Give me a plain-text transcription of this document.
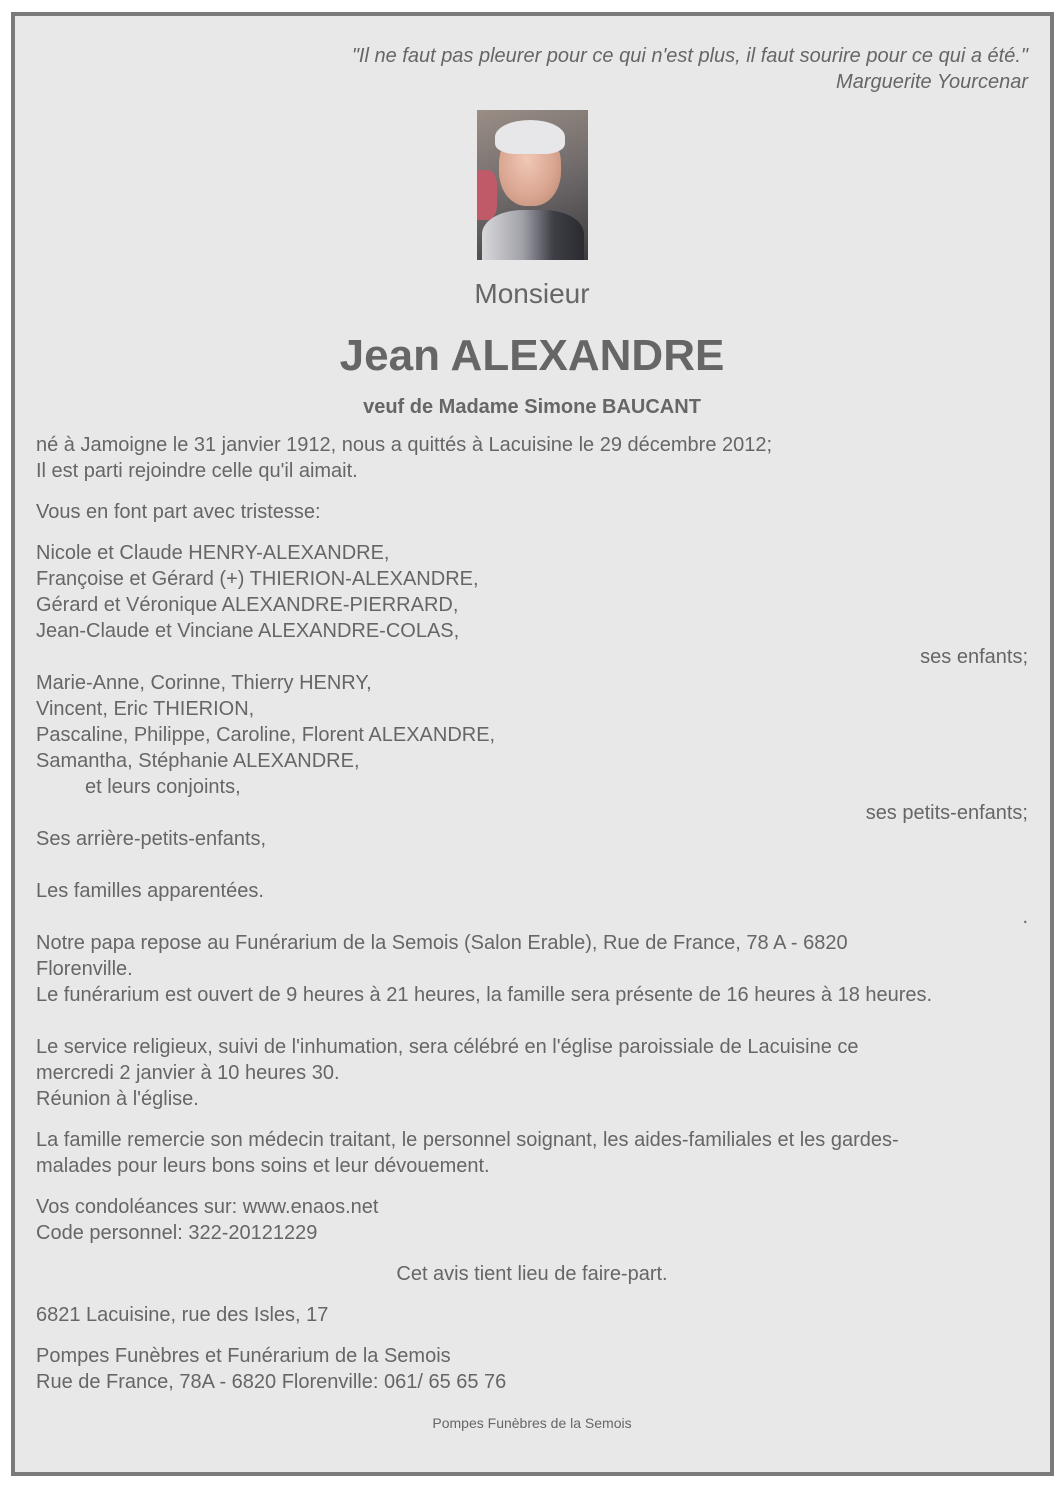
"Il ne faut pas pleurer pour ce qui n'est plus, il faut sourire pour ce qui a été."
Marguerite Yourcenar
Monsieur
Jean ALEXANDRE
veuf de Madame Simone BAUCANT
né à Jamoigne le 31 janvier 1912, nous a quittés à Lacuisine le 29 décembre 2012;
Il est parti rejoindre celle qu'il aimait.
Vous en font part avec tristesse:
Nicole et Claude HENRY-ALEXANDRE,
Françoise et Gérard (+) THIERION-ALEXANDRE,
Gérard et Véronique ALEXANDRE-PIERRARD,
Jean-Claude et Vinciane ALEXANDRE-COLAS,
ses enfants;
Marie-Anne, Corinne, Thierry HENRY,
Vincent, Eric THIERION,
Pascaline, Philippe, Caroline, Florent ALEXANDRE,
Samantha, Stéphanie ALEXANDRE,
et leurs conjoints,
ses petits-enfants;
Ses arrière-petits-enfants,
Les familles apparentées.
.
Notre papa repose au Funérarium de la Semois (Salon Erable), Rue de France, 78 A - 6820
Florenville.
Le funérarium est ouvert de 9 heures à 21 heures, la famille sera présente de 16 heures à 18 heures.
Le service religieux, suivi de l'inhumation, sera célébré en l'église paroissiale de Lacuisine ce
mercredi 2 janvier à 10 heures 30.
Réunion à l'église.
La famille remercie son médecin traitant, le personnel soignant, les aides-familiales et les gardes-
malades pour leurs bons soins et leur dévouement.
Vos condoléances sur: www.enaos.net
Code personnel: 322-20121229
Cet avis tient lieu de faire-part.
6821 Lacuisine, rue des Isles, 17
Pompes Funèbres et Funérarium de la Semois
Rue de France, 78A - 6820 Florenville: 061/ 65 65 76
Pompes Funèbres de la Semois
